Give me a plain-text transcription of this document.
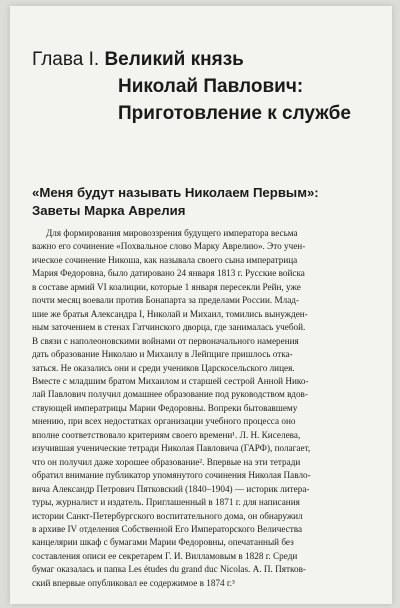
Глава I. Великий князь
Николай Павлович:
Приготовление к службе
«Меня будут называть Николаем Первым»:
Заветы Марка Аврелия
Для формирования мировоззрения будущего императора весьма
важно его сочинение «Похвальное слово Марку Аврелию». Это учен-
ическое сочинение Никоша, как называла своего сына императрица
Мария Федоровна, было датировано 24 января 1813 г. Русские войска
в составе армий VI коалиции, которые 1 января пересекли Рейн, уже
почти месяц воевали против Бонапарта за пределами России. Млад-
шие же братья Александра I, Николай и Михаил, томились вынужден-
ным заточением в стенах Гатчинского дворца, где занималась учебой.
В связи с наполеоновскими войнами от первоначального намерения
дать образование Николаю и Михаилу в Лейпциге пришлось отка-
заться. Не оказались они и среди учеников Царскосельского лицея.
Вместе с младшим братом Михаилом и старшей сестрой Анной Нико-
лай Павлович получил домашнее образование под руководством вдов-
ствующей императрицы Марии Федоровны. Вопреки бытовавшему
мнению, при всех недостатках организации учебного процесса оно
вполне соответствовало критериям своего времени¹. Л. Н. Киселева,
изучившая ученические тетради Николая Павловича (ГАРФ), полагает,
что он получил даже хорошее образование². Впервые на эти тетради
обратил внимание публикатор упомянутого сочинения Николая Павло-
вича Александр Петрович Пятковский (1840–1904) — историк литера-
туры, журналист и издатель. Приглашенный в 1871 г. для написания
истории Санкт-Петербургского воспитательного дома, он обнаружил
в архиве IV отделения Собственной Его Императорского Величества
канцелярии шкаф с бумагами Марии Федоровны, опечатанный без
составления описи ее секретарем Г. И. Вилламовым в 1828 г. Среди
бумаг оказалась и папка Les études du grand duc Nicolas. А. П. Пятков-
ский впервые опубликовал ее содержимое в 1874 г.³
